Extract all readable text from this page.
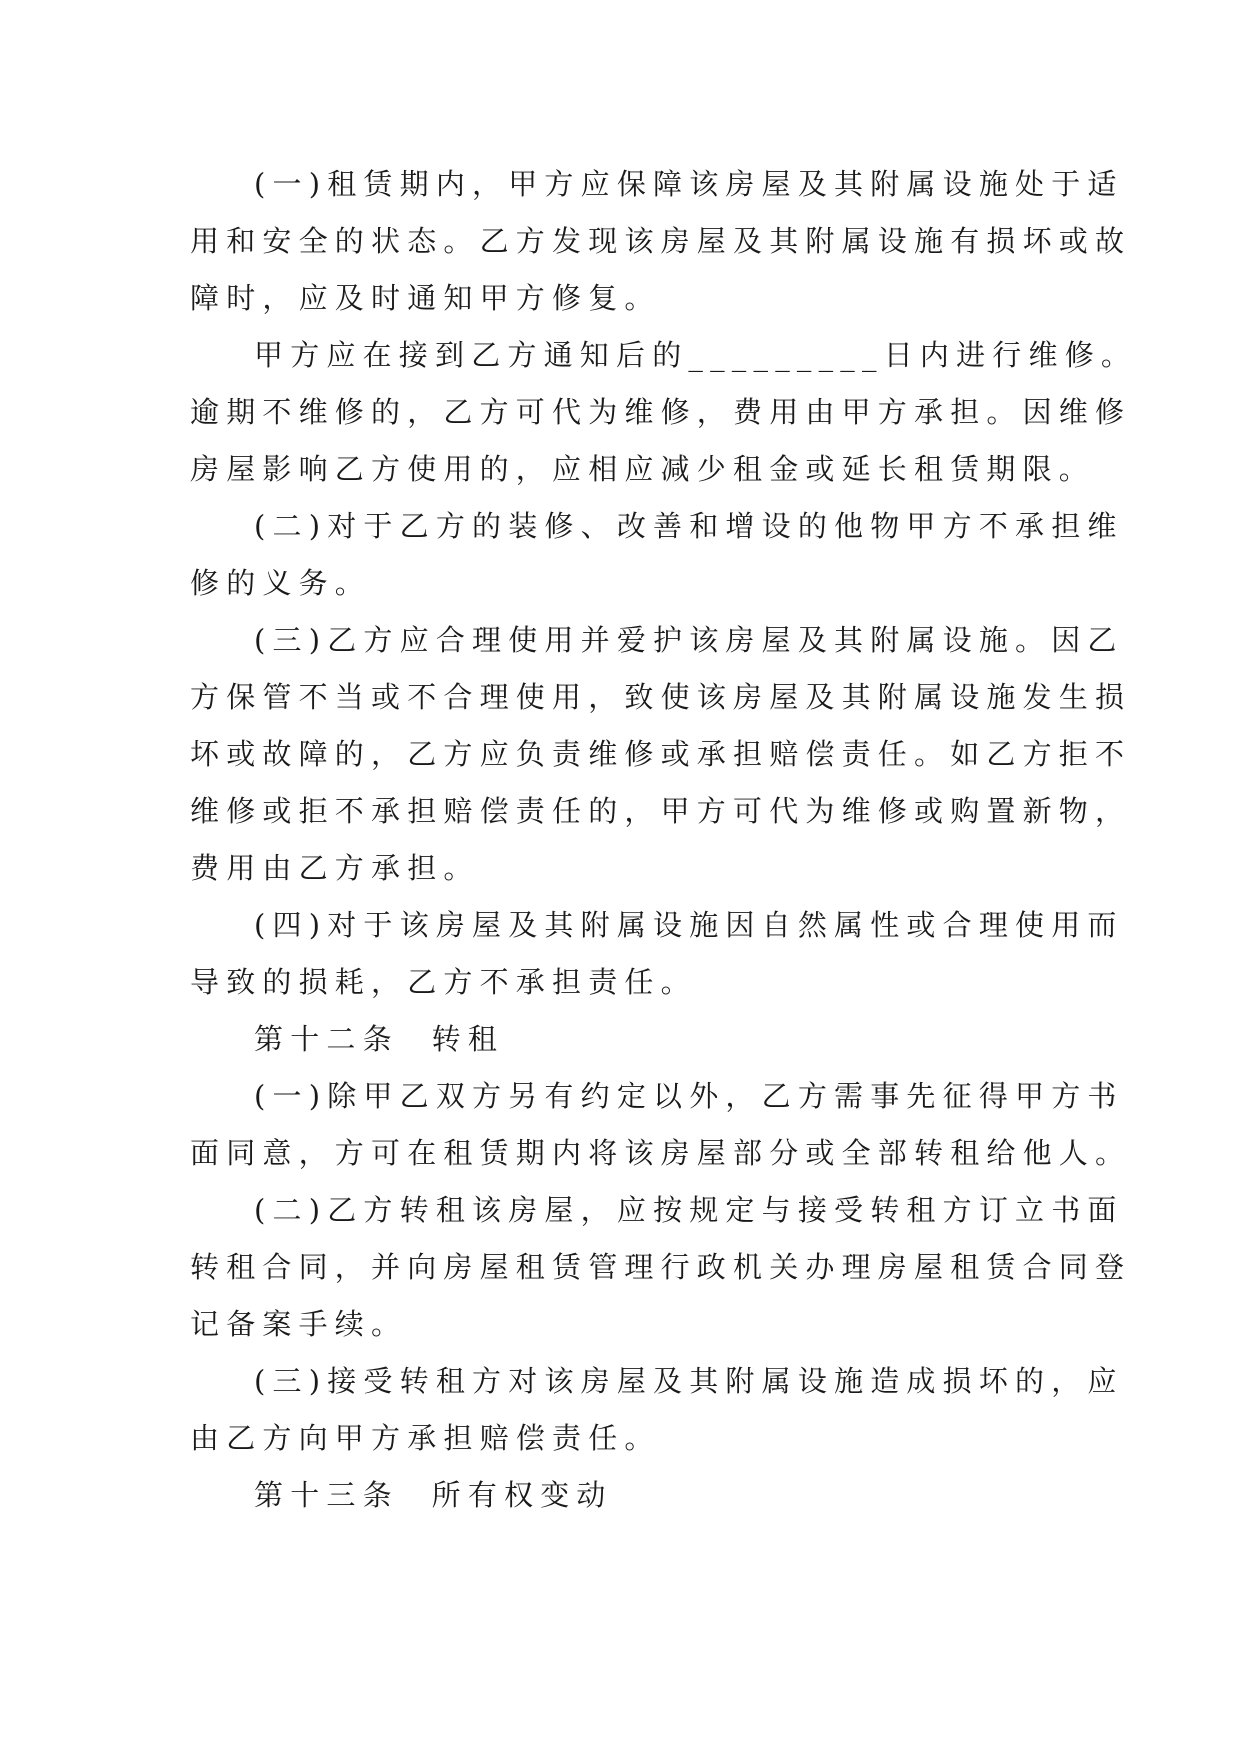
(一)租赁期内，甲方应保障该房屋及其附属设施处于适
用和安全的状态。乙方发现该房屋及其附属设施有损坏或故
障时，应及时通知甲方修复。
甲方应在接到乙方通知后的_________日内进行维修。
逾期不维修的，乙方可代为维修，费用由甲方承担。因维修
房屋影响乙方使用的，应相应减少租金或延长租赁期限。
(二)对于乙方的装修、改善和增设的他物甲方不承担维
修的义务。
(三)乙方应合理使用并爱护该房屋及其附属设施。因乙
方保管不当或不合理使用，致使该房屋及其附属设施发生损
坏或故障的，乙方应负责维修或承担赔偿责任。如乙方拒不
维修或拒不承担赔偿责任的，甲方可代为维修或购置新物，
费用由乙方承担。
(四)对于该房屋及其附属设施因自然属性或合理使用而
导致的损耗，乙方不承担责任。
第十二条  转租
(一)除甲乙双方另有约定以外，乙方需事先征得甲方书
面同意，方可在租赁期内将该房屋部分或全部转租给他人。
(二)乙方转租该房屋，应按规定与接受转租方订立书面
转租合同，并向房屋租赁管理行政机关办理房屋租赁合同登
记备案手续。
(三)接受转租方对该房屋及其附属设施造成损坏的，应
由乙方向甲方承担赔偿责任。
第十三条  所有权变动
